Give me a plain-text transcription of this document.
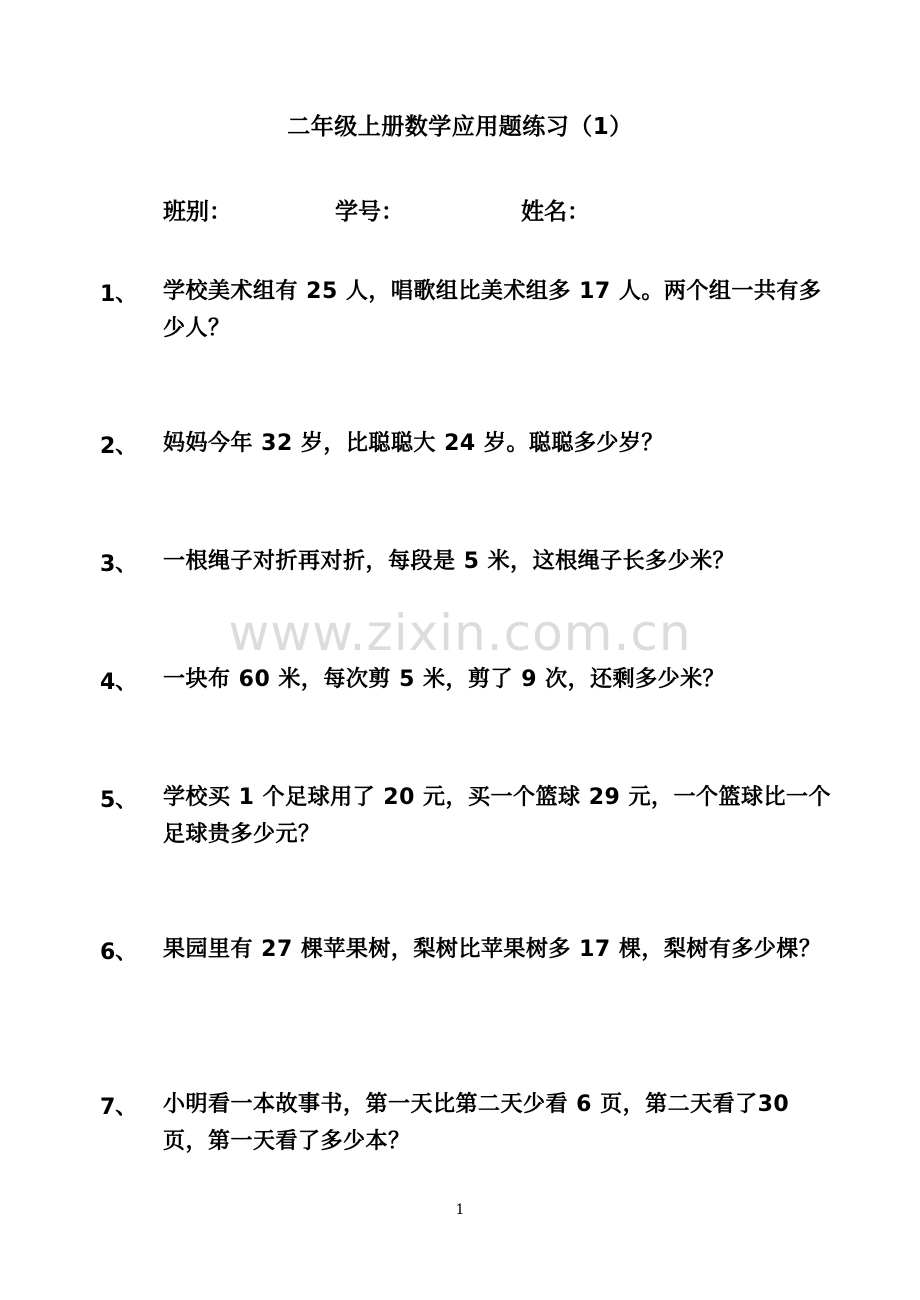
二年级上册数学应用题练习（1）
班别：	学号：	姓名：
www.zixin.com.cn
1、 学校美术组有 25 人，唱歌组比美术组多 17 人。两个组一共有多少人？
2、 妈妈今年 32 岁，比聪聪大 24 岁。聪聪多少岁？
3、 一根绳子对折再对折，每段是 5 米，这根绳子长多少米？
4、 一块布 60 米，每次剪 5 米，剪了 9 次，还剩多少米？
5、 学校买 1 个足球用了 20 元，买一个篮球 29 元，一个篮球比一个足球贵多少元？
6、 果园里有 27 棵苹果树，梨树比苹果树多 17 棵，梨树有多少棵？
7、 小明看一本故事书，第一天比第二天少看 6 页，第二天看了30 页，第一天看了多少本？
1
